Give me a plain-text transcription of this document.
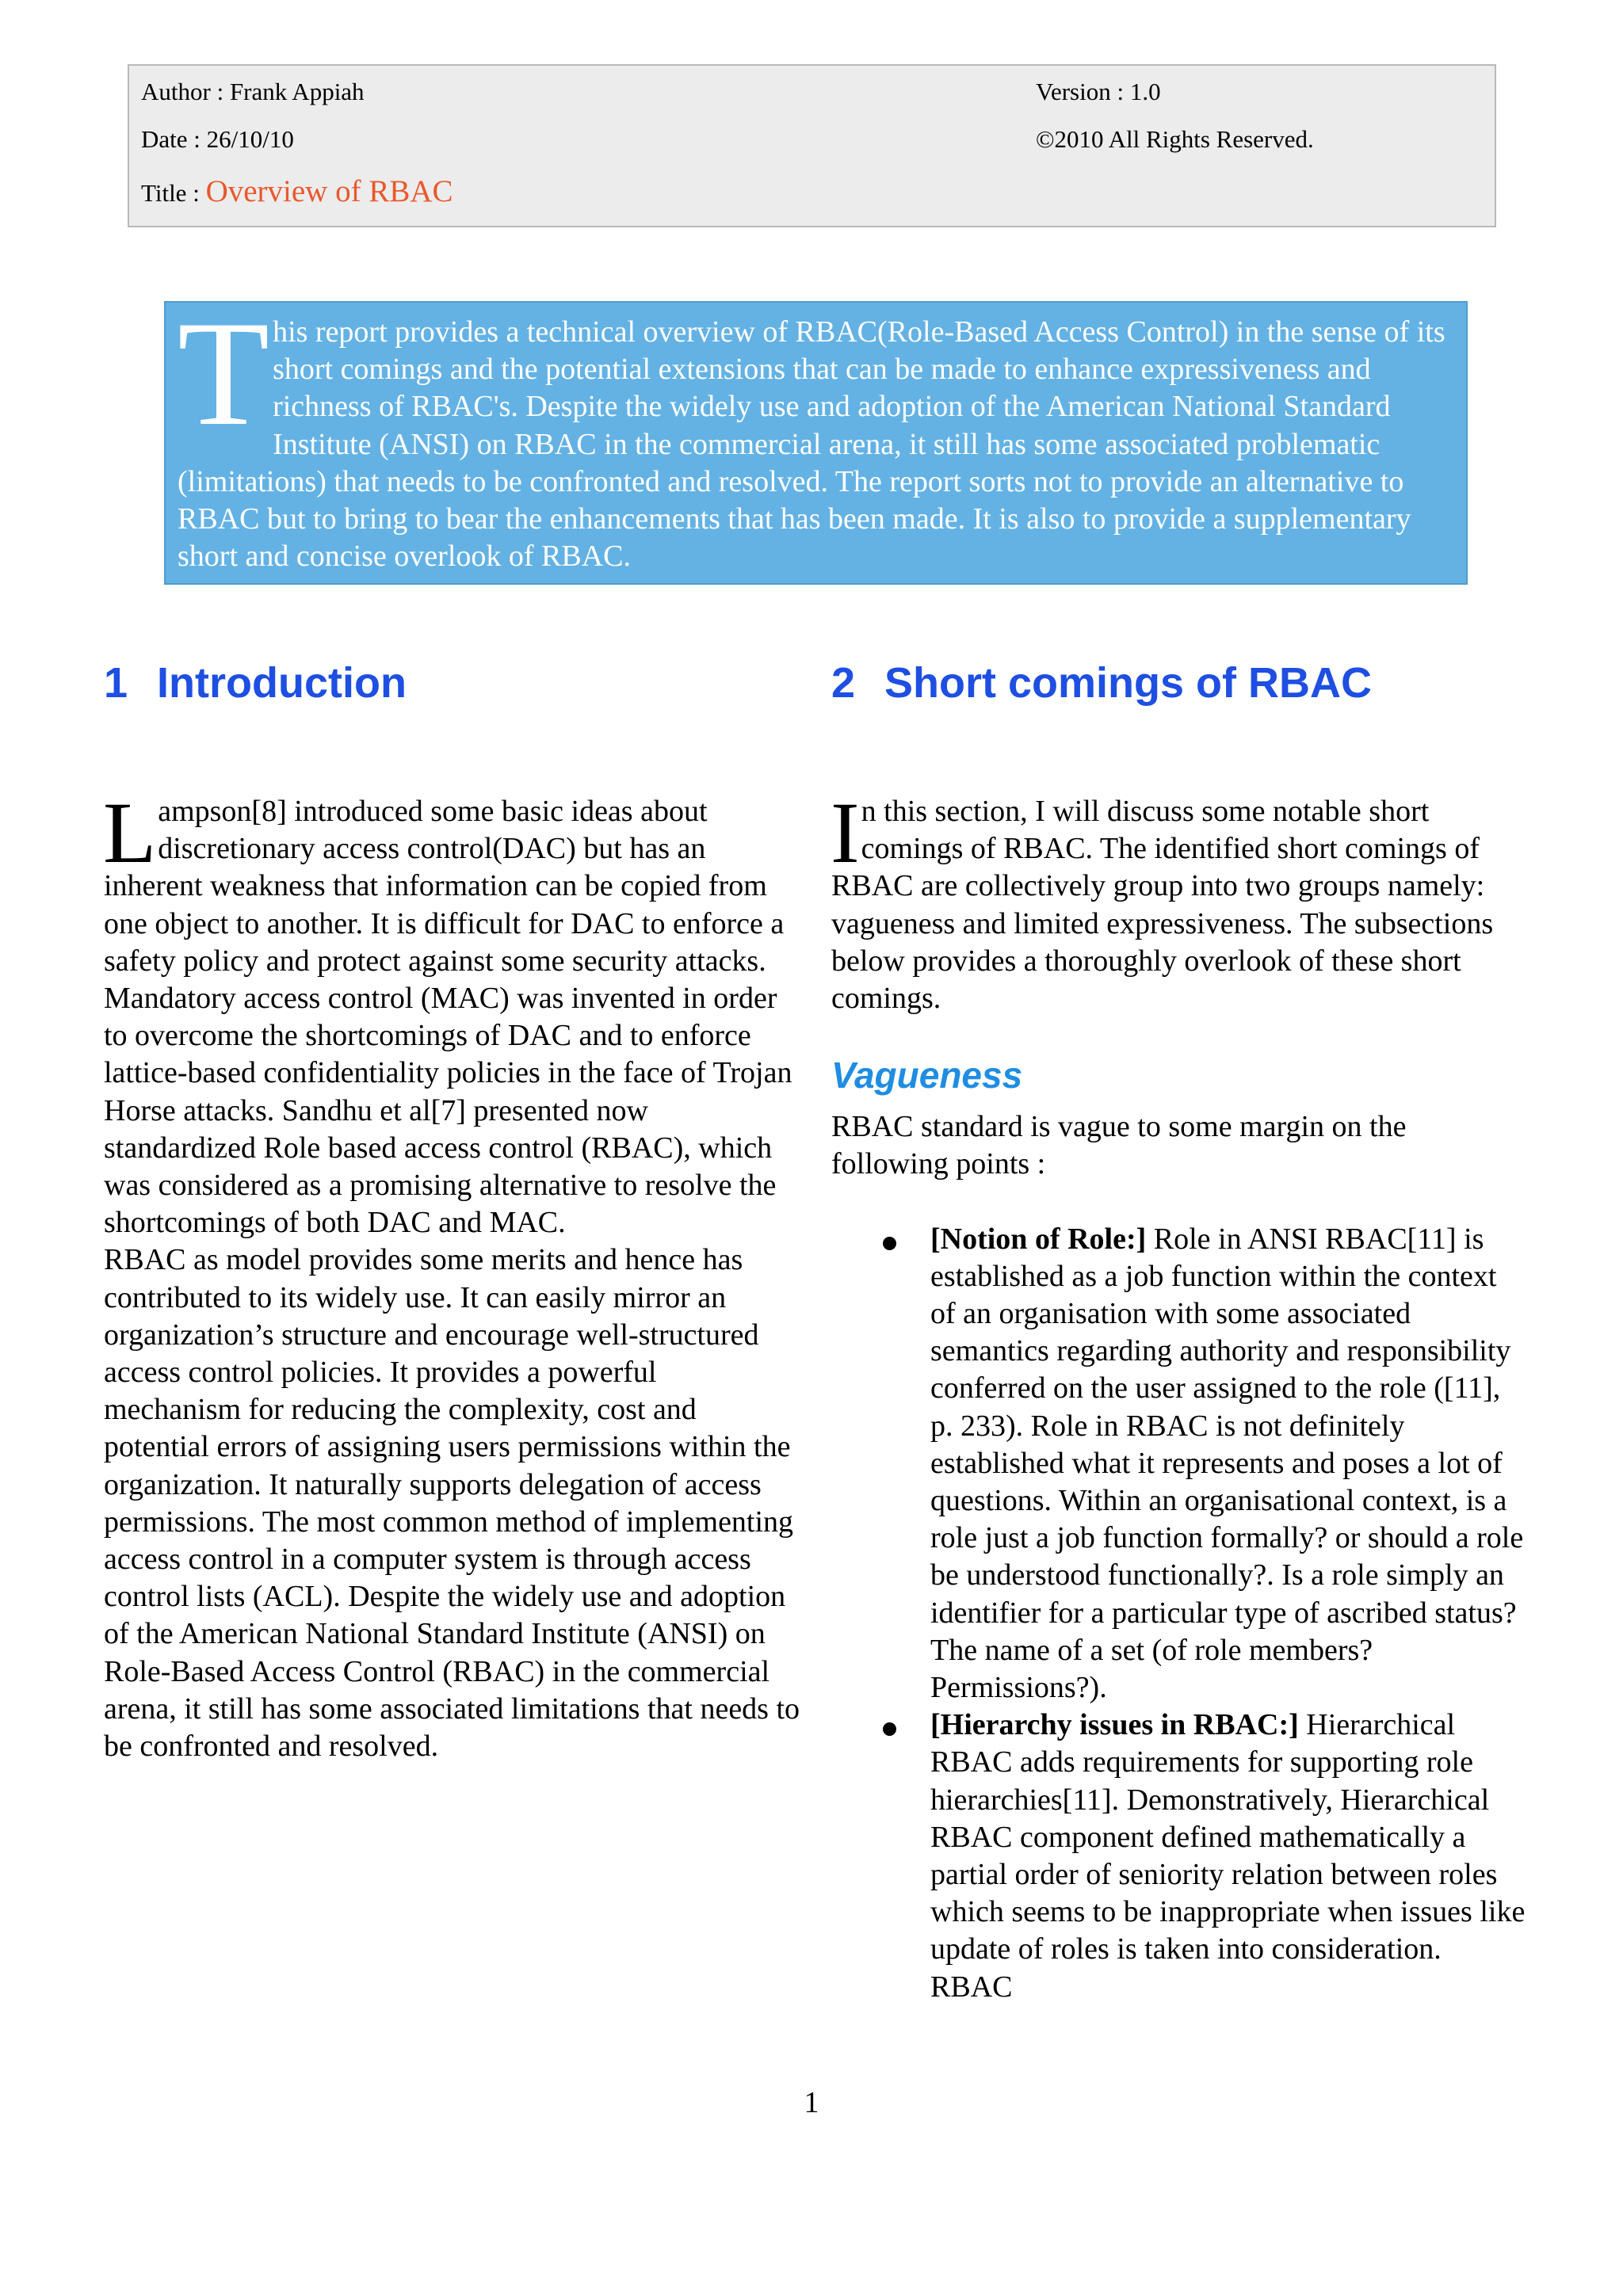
Author : Frank Appiah
Date : 26/10/10
Title : Overview of RBAC
Version : 1.0
©2010 All Rights Reserved.
This report provides a technical overview of RBAC(Role-Based Access Control) in the sense of its short comings and the potential extensions that can be made to enhance expressiveness and richness of RBAC's. Despite the widely use and adoption of the American National Standard Institute (ANSI) on RBAC in the commercial arena, it still has some associated problematic (limitations) that needs to be confronted and resolved. The report sorts not to provide an alternative to RBAC but to bring to bear the enhancements that has been made. It is also to provide a supplementary short and concise overlook of RBAC.
1 Introduction

Lampson[8] introduced some basic ideas about discretionary access control(DAC) but has an inherent weakness that information can be copied from one object to another. It is difficult for DAC to enforce a safety policy and protect against some security attacks. Mandatory access control (MAC) was invented in order to overcome the shortcomings of DAC and to enforce lattice-based confidentiality policies in the face of Trojan Horse attacks. Sandhu et al[7] presented now standardized Role based access control (RBAC), which was considered as a promising alternative to resolve the shortcomings of both DAC and MAC.

RBAC as model provides some merits and hence has contributed to its widely use. It can easily mirror an organization’s structure and encourage well-structured access control policies. It provides a powerful mechanism for reducing the complexity, cost and potential errors of assigning users permissions within the organization. It naturally supports delegation of access permissions. The most common method of implementing access control in a computer system is through access control lists (ACL). Despite the widely use and adoption of the American National Standard Institute (ANSI) on Role-Based Access Control (RBAC) in the commercial arena, it still has some associated limitations that needs to be confronted and resolved.

2 Short comings of RBAC

In this section, I will discuss some notable short comings of RBAC. The identified short comings of RBAC are collectively group into two groups namely: vagueness and limited expressiveness. The subsections below provides a thoroughly overlook of these short comings.

Vagueness

RBAC standard is vague to some margin on the following points :

[Notion of Role:] Role in ANSI RBAC[11] is established as a job function within the context of an organisation with some associated semantics regarding authority and responsibility conferred on the user assigned to the role ([11], p. 233). Role in RBAC is not definitely established what it represents and poses a lot of questions. Within an organisational context, is a role just a job function formally? or should a role be understood functionally?. Is a role simply an identifier for a particular type of ascribed status? The name of a set (of role members? Permissions?).
[Hierarchy issues in RBAC:] Hierarchical RBAC adds requirements for supporting role hierarchies[11]. Demonstratively, Hierarchical RBAC component defined mathematically a partial order of seniority relation between roles which seems to be inappropriate when issues like update of roles is taken into consideration. RBAC
1
